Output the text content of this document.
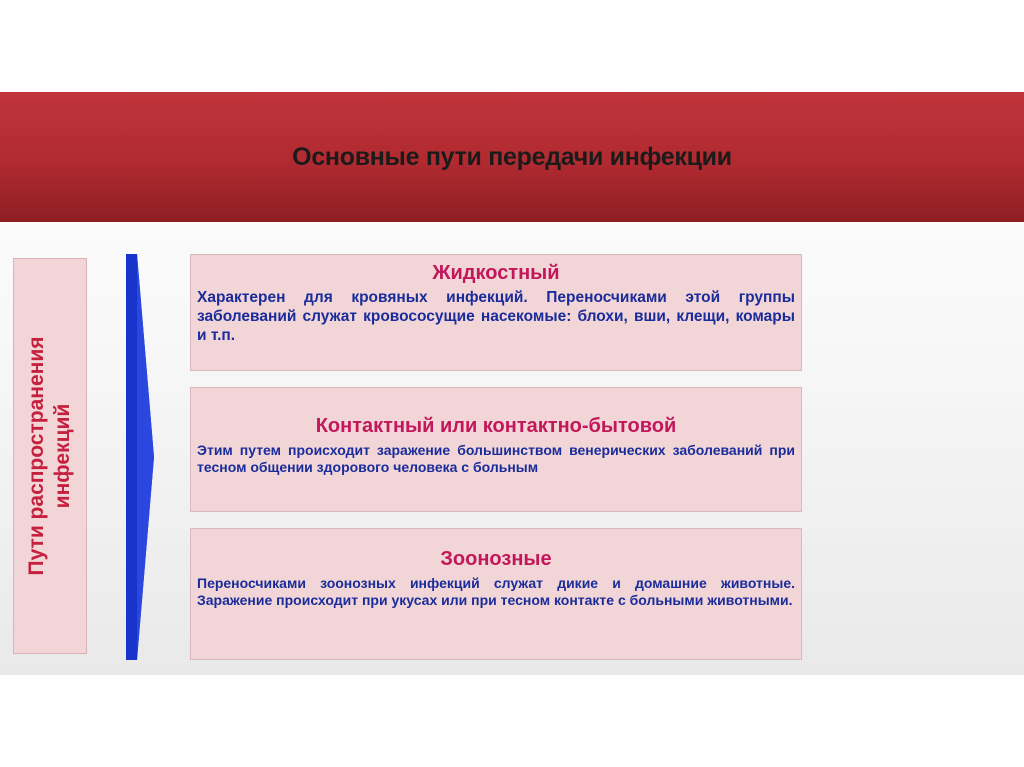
Основные пути передачи инфекции
Пути распространения
инфекций
Жидкостный
Характерен для кровяных инфекций. Переносчиками этой группы заболеваний служат кровососущие насекомые: блохи, вши, клещи, комары и т.п.
Контактный или контактно-бытовой
Этим путем происходит заражение большинством венерических заболеваний при тесном общении здорового человека с больным
Зоонозные
Переносчиками зоонозных инфекций служат дикие и домашние животные. Заражение происходит при укусах или при тесном контакте с больными животными.
